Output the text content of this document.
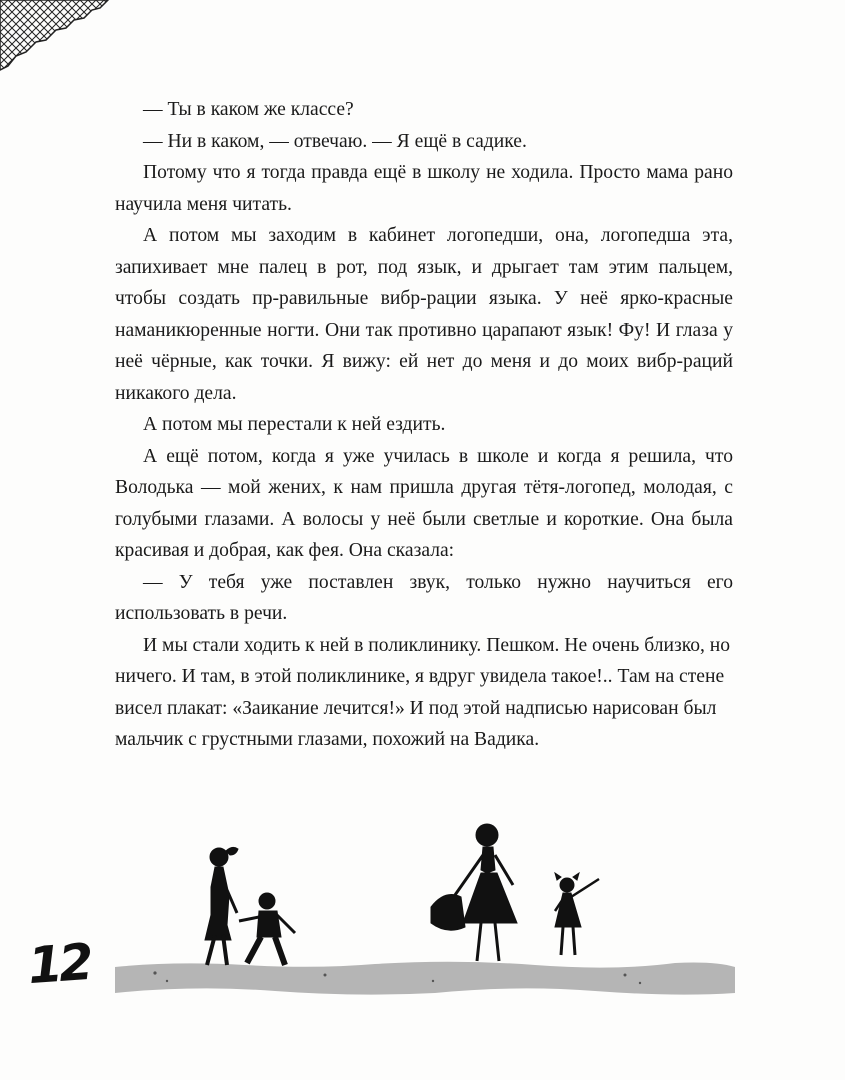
— Ты в каком же классе?

— Ни в каком, — отвечаю. — Я ещё в садике.

Потому что я тогда правда ещё в школу не ходила. Просто мама рано научила меня читать.

А потом мы заходим в кабинет логопедши, она, логопедша эта, запихивает мне палец в рот, под язык, и дрыгает там этим пальцем, чтобы создать пр-равильные вибр-рации языка. У неё ярко-красные наманикюренные ногти. Они так противно царапают язык! Фу! И глаза у неё чёрные, как точки. Я вижу: ей нет до меня и до моих вибр-раций никакого дела.

А потом мы перестали к ней ездить.

А ещё потом, когда я уже училась в школе и когда я решила, что Володька — мой жених, к нам пришла другая тётя-логопед, молодая, с голубыми глазами. А волосы у неё были светлые и короткие. Она была красивая и добрая, как фея. Она сказала:

— У тебя уже поставлен звук, только нужно научиться его использовать в речи.

И мы стали ходить к ней в поликлинику. Пешком. Не очень близко, но ничего. И там, в этой поликлинике, я вдруг увидела такое!.. Там на стене висел плакат: «Заикание лечится!» И под этой надписью нарисован был мальчик с грустными глазами, похожий на Вадика.

12
